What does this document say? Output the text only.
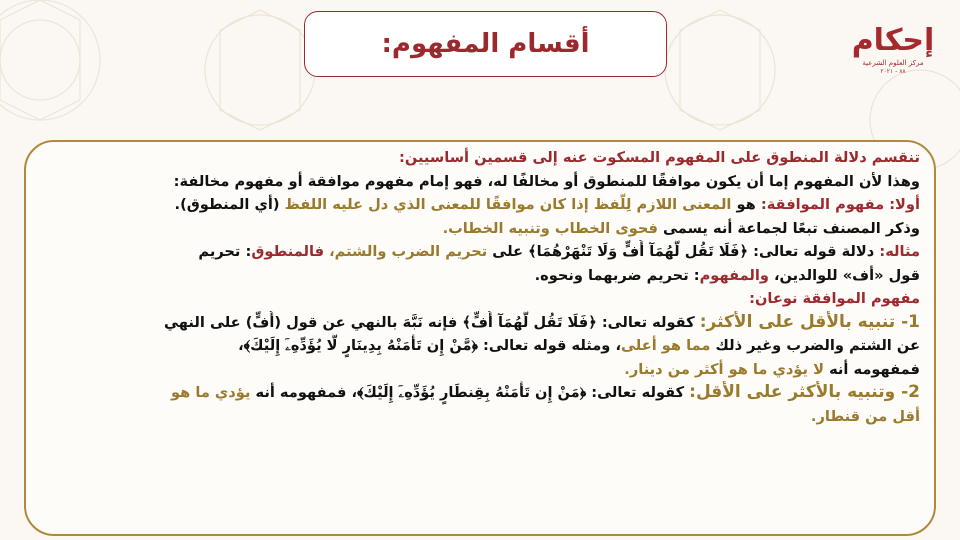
أقسام المفهوم:	إحكام
مركز العلوم الشرعية
٨٨ - ٢٠٢١
تنقسم دلالة المنطوق على المفهوم المسكوت عنه إلى قسمين أساسيين:
وهذا لأن المفهوم إما أن يكون موافقًا للمنطوق أو مخالفًا له، فهو إمام مفهوم موافقة أو مفهوم مخالفة:
أولا: مفهوم الموافقة: هو المعنى اللازم لِلَّفظ إذا كان موافقًا للمعنى الذي دل عليه اللفظ (أي المنطوق).
وذكر المصنف تبعًا لجماعة أنه يسمى فحوى الخطاب وتنبيه الخطاب.
مثاله: دلالة قوله تعالى: ﴿فَلَا تَقُل لَّهُمَآ أُفٍّ وَلَا تَنْهَرْهُمَا﴾ على تحريم الضرب والشتم، فالمنطوق: تحريم
قول «أف» للوالدين، والمفهوم: تحريم ضربهما ونحوه.
مفهوم الموافقة نوعان:
1- تنبيه بالأقل على الأكثر: كقوله تعالى: ﴿فَلَا تَقُل لَّهُمَآ أُفٍّ﴾ فإنه نَبَّهَ بالنهي عن قول (أُفٍّ) على النهي
عن الشتم والضرب وغير ذلك مما هو أعلى، ومثله قوله تعالى: ﴿مَّنْ إِن تَأْمَنْهُ بِدِينَارٍ لَّا يُؤَدِّهِۦٓ إِلَيْكَ﴾،
فمفهومه أنه لا يؤدي ما هو أكثر من دينار.
2- وتنبيه بالأكثر على الأقل: كقوله تعالى: ﴿مَنْ إِن تَأْمَنْهُ بِقِنطَارٍ يُؤَدِّهِۦٓ إِلَيْكَ﴾، فمفهومه أنه يؤدي ما هو
أقل من قنطار.
